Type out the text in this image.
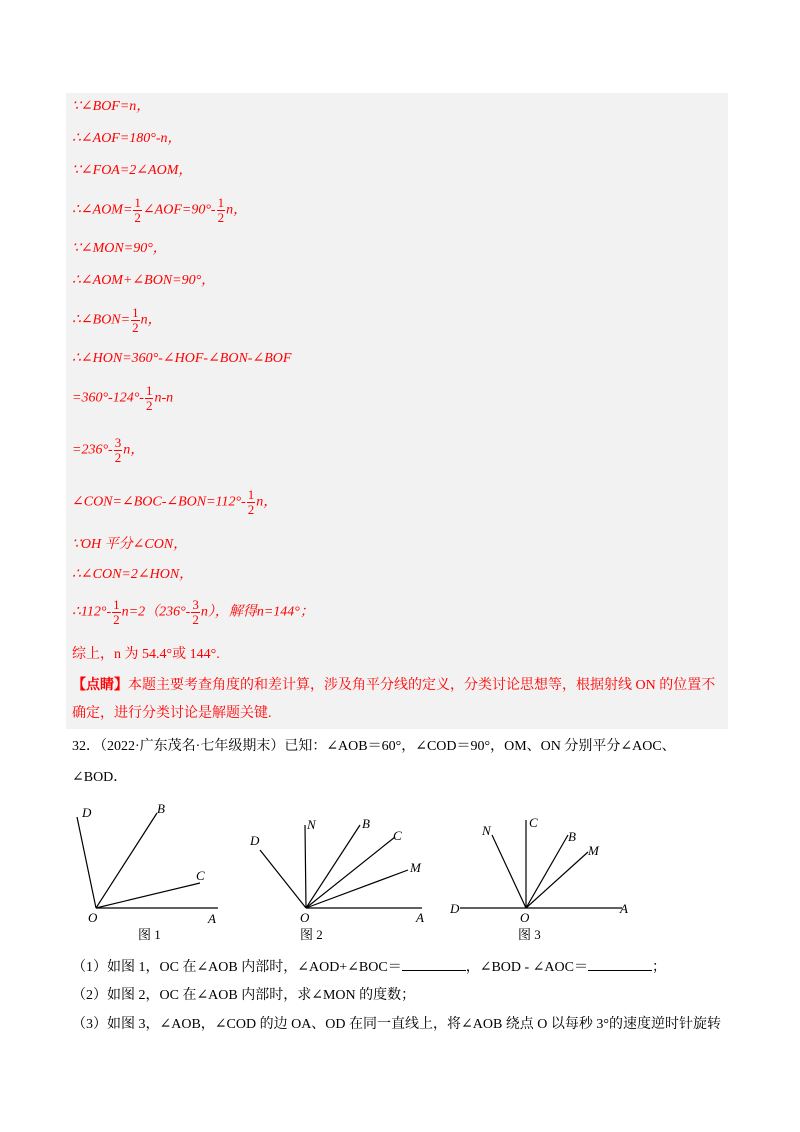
∵∠BOF=n，
∴∠AOF=180°-n，
∵∠FOA=2∠AOM，
∴∠AOM= $\frac{1}{2}$ ∠AOF=90°- $\frac{1}{2}$ n，
∵∠MON=90°，
∴∠AOM+∠BON=90°，
∴∠BON= $\frac{1}{2}$ n，
∴∠HON=360°-∠HOF-∠BON-∠BOF
$=360^\circ-124^\circ- \frac{1}{2} n-n$
$=236^\circ- \frac{3}{2}$ n，
∠CON=∠BOC-∠BON=112°- $\frac{1}{2}$ n，
∵OH 平分∠CON，
∴∠CON=2∠HON，
∴112°- $\frac{1}{2} n=2(236^\circ- \frac{3}{2} n)$，解得n=144°；
综上，n 为 54.4°或 144°.
【点睛】本题主要考查角度的和差计算，涉及角平分线的定义，分类讨论思想等，根据射线 ON 的位置不确定，进行分类讨论是解题关键.
32．（2022·广东茂名·七年级期末）已知：∠AOB＝60°，∠COD＝90°，OM、ON 分别平分∠AOC、
∠BOD．
D	B
C
O	A
N	B
C
D
M
O	A
N
C
B
M
D
O
A
图 1	图 2	图 3
（1）如图 1，OC 在∠AOB 内部时，∠AOD+∠BOC＝	，∠BOD - ∠AOC＝	；
（2）如图 2，OC 在∠AOB 内部时，求∠MON 的度数；
（3）如图 3，∠AOB，∠COD 的边 OA、OD 在同一直线上，将∠AOB 绕点 O 以每秒 3°的速度逆时针旋转
